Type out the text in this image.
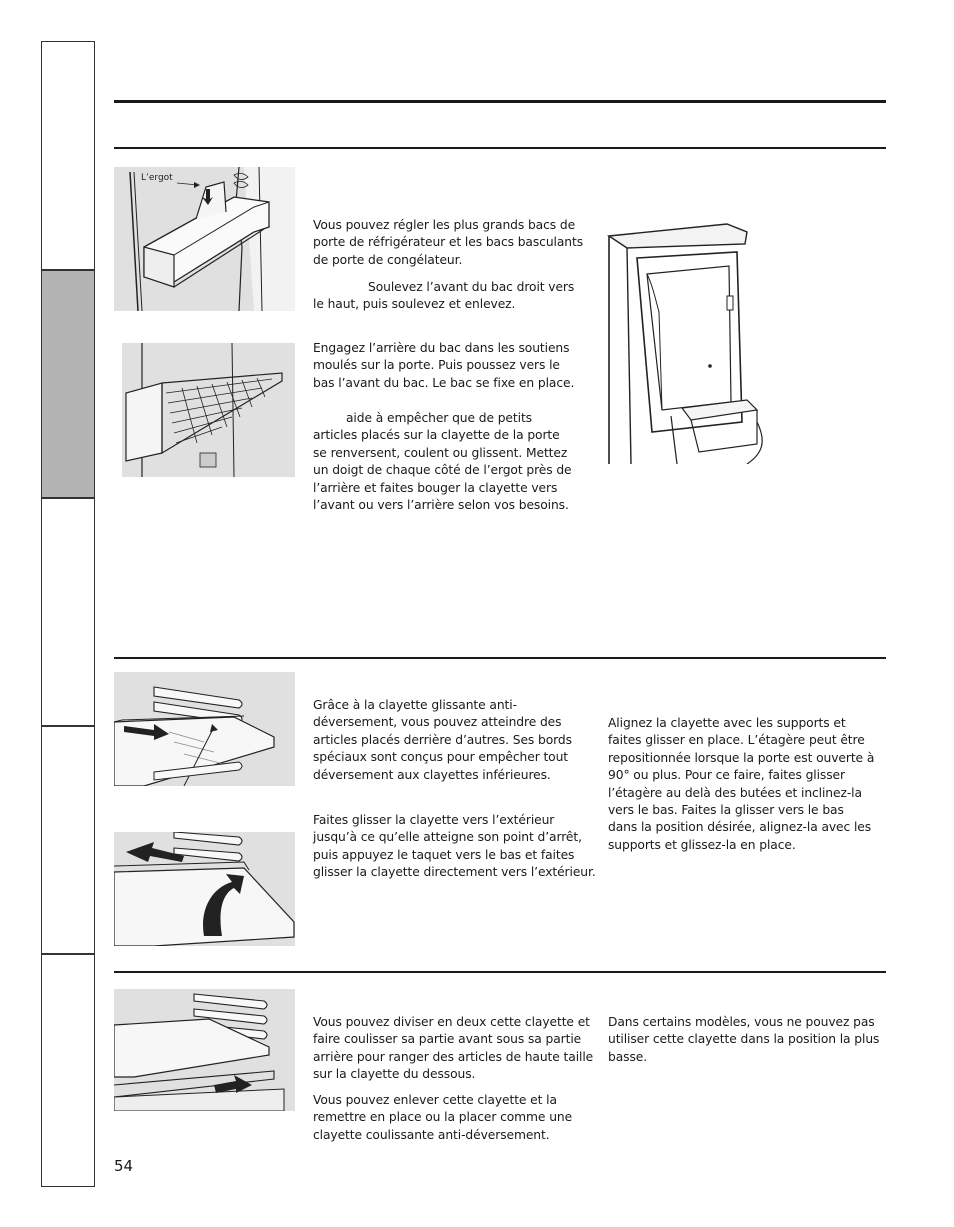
L’ergot
Vous pouvez régler les plus grands bacs de porte de réfrigérateur et les bacs basculants de porte de congélateur.
Soulevez l’avant du bac droit vers le haut, puis soulevez et enlevez.
Engagez l’arrière du bac dans les soutiens moulés sur la porte. Puis poussez vers le bas l’avant du bac. Le bac se fixe en place.
aide à empêcher que de petits articles placés sur la clayette de la porte se renversent, coulent ou glissent. Mettez un doigt de chaque côté de l’ergot près de l’arrière et faites bouger la clayette vers l’avant ou vers l’arrière selon vos besoins.
Grâce à la clayette glissante anti-déversement, vous pouvez atteindre des articles placés derrière d’autres. Ses bords spéciaux sont conçus pour empêcher tout déversement aux clayettes inférieures.
Faites glisser la clayette vers l’extérieur jusqu’à ce qu’elle atteigne son point d’arrêt, puis appuyez le taquet vers le bas et faites glisser la clayette directement vers l’extérieur.
Alignez la clayette avec les supports et faites glisser en place. L’étagère peut être repositionnée lorsque la porte est ouverte à 90° ou plus. Pour ce faire, faites glisser l’étagère au delà des butées et inclinez-la vers le bas. Faites la glisser vers le bas dans la position désirée, alignez-la avec les supports et glissez-la en place.
Vous pouvez diviser en deux cette clayette et faire coulisser sa partie avant sous sa partie arrière pour ranger des articles de haute taille sur la clayette du dessous.
Vous pouvez enlever cette clayette et la remettre en place ou la placer comme une clayette coulissante anti-déversement.
Dans certains modèles, vous ne pouvez pas utiliser cette clayette dans la position la plus basse.
54
